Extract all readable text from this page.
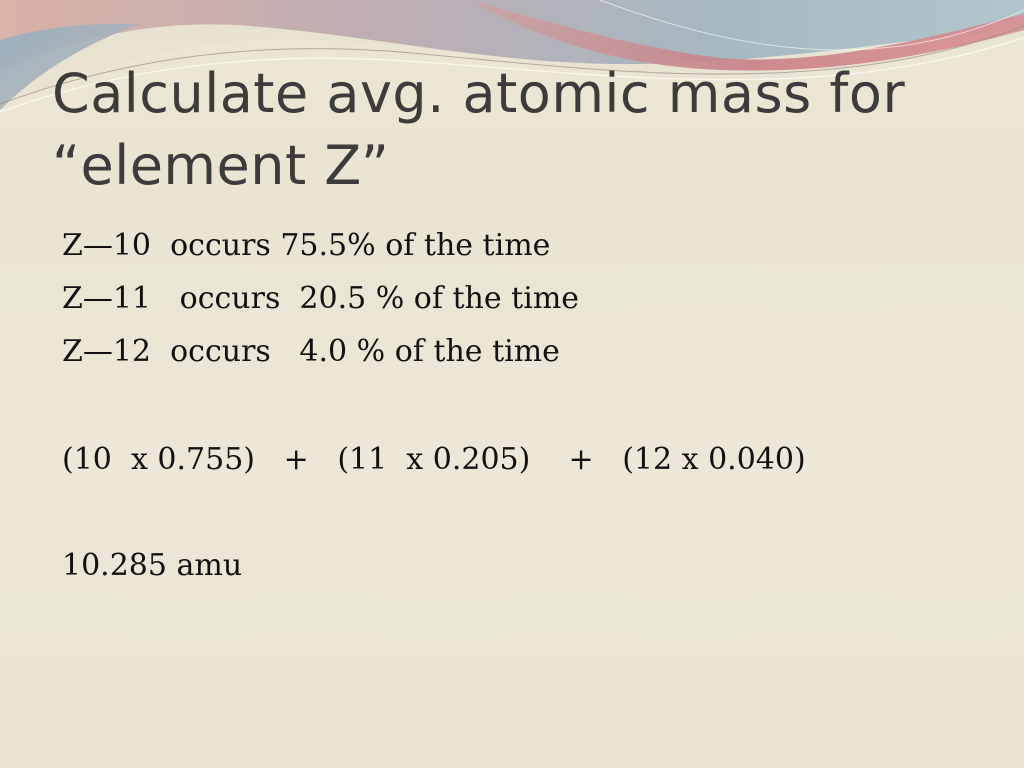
Calculate avg. atomic mass for
“element Z”
Z—10  occurs 75.5% of the time
Z—11   occurs  20.5 % of the time
Z—12  occurs   4.0 % of the time
(10  x 0.755)   +   (11  x 0.205)    +   (12 x 0.040)
10.285 amu
